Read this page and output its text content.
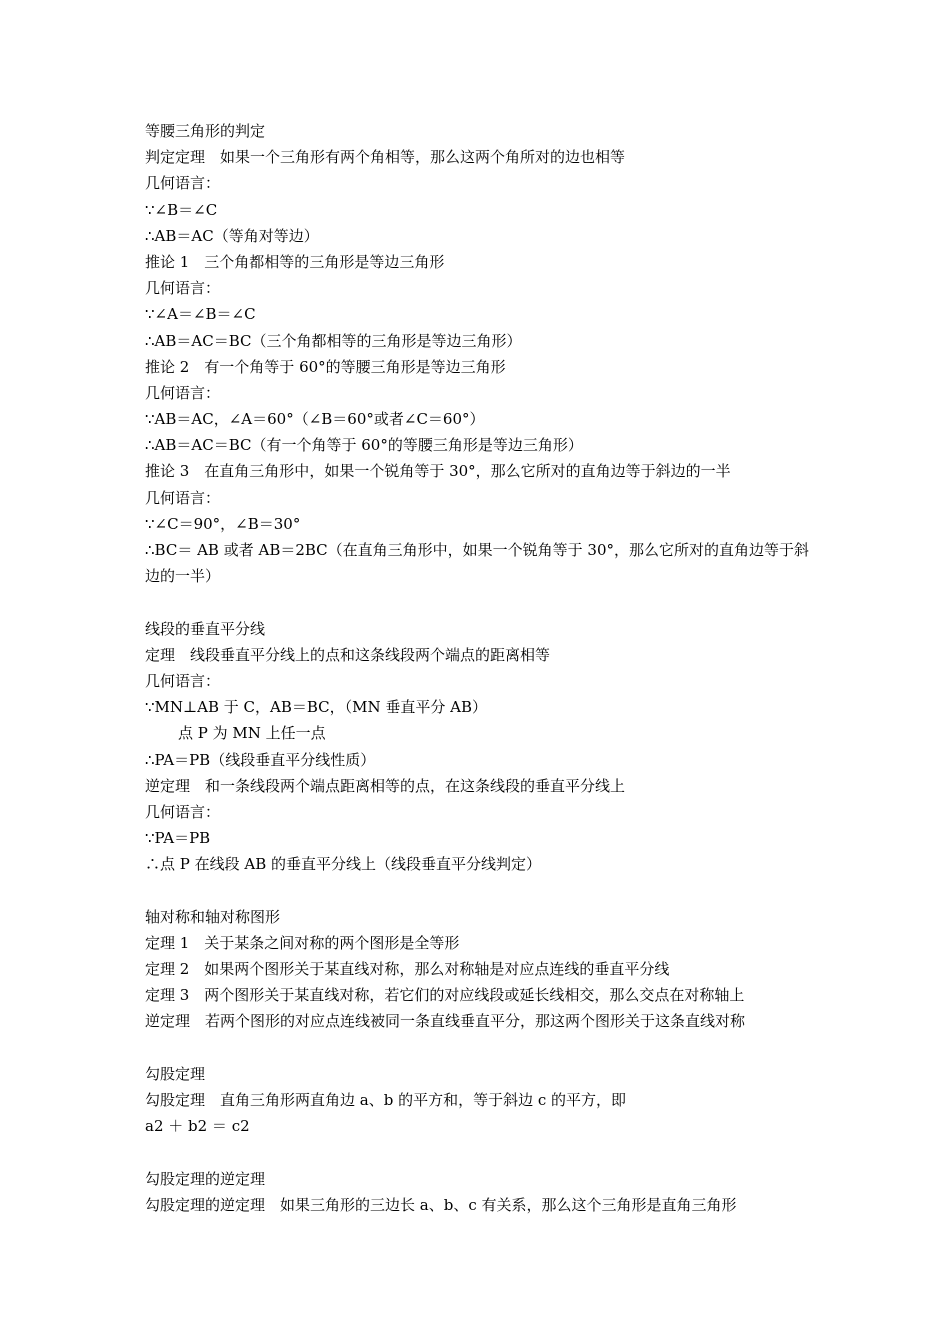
等腰三角形的判定
判定定理　如果一个三角形有两个角相等，那么这两个角所对的边也相等
几何语言：
∵∠B＝∠C
∴AB＝AC（等角对等边）
推论 1　三个角都相等的三角形是等边三角形
几何语言：
∵∠A＝∠B＝∠C
∴AB＝AC＝BC（三个角都相等的三角形是等边三角形）
推论 2　有一个角等于 60°的等腰三角形是等边三角形
几何语言：
∵AB＝AC，∠A＝60°（∠B＝60°或者∠C＝60°）
∴AB＝AC＝BC（有一个角等于 60°的等腰三角形是等边三角形）
推论 3　在直角三角形中，如果一个锐角等于 30°，那么它所对的直角边等于斜边的一半
几何语言：
∵∠C＝90°，∠B＝30°
∴BC＝ AB 或者 AB＝2BC（在直角三角形中，如果一个锐角等于 30°，那么它所对的直角边等于斜边的一半）
线段的垂直平分线
定理　线段垂直平分线上的点和这条线段两个端点的距离相等
几何语言：
∵MN⊥AB 于 C，AB＝BC，（MN 垂直平分 AB）
点 P 为 MN 上任一点
∴PA＝PB（线段垂直平分线性质）
逆定理　和一条线段两个端点距离相等的点，在这条线段的垂直平分线上
几何语言：
∵PA＝PB
∴点 P 在线段 AB 的垂直平分线上（线段垂直平分线判定）
轴对称和轴对称图形
定理 1　关于某条之间对称的两个图形是全等形
定理 2　如果两个图形关于某直线对称，那么对称轴是对应点连线的垂直平分线
定理 3　两个图形关于某直线对称，若它们的对应线段或延长线相交，那么交点在对称轴上
逆定理　若两个图形的对应点连线被同一条直线垂直平分，那这两个图形关于这条直线对称
勾股定理
勾股定理　直角三角形两直角边 a、b 的平方和，等于斜边 c 的平方，即
a2 ＋ b2 ＝ c2
勾股定理的逆定理
勾股定理的逆定理　如果三角形的三边长 a、b、c 有关系，那么这个三角形是直角三角形
